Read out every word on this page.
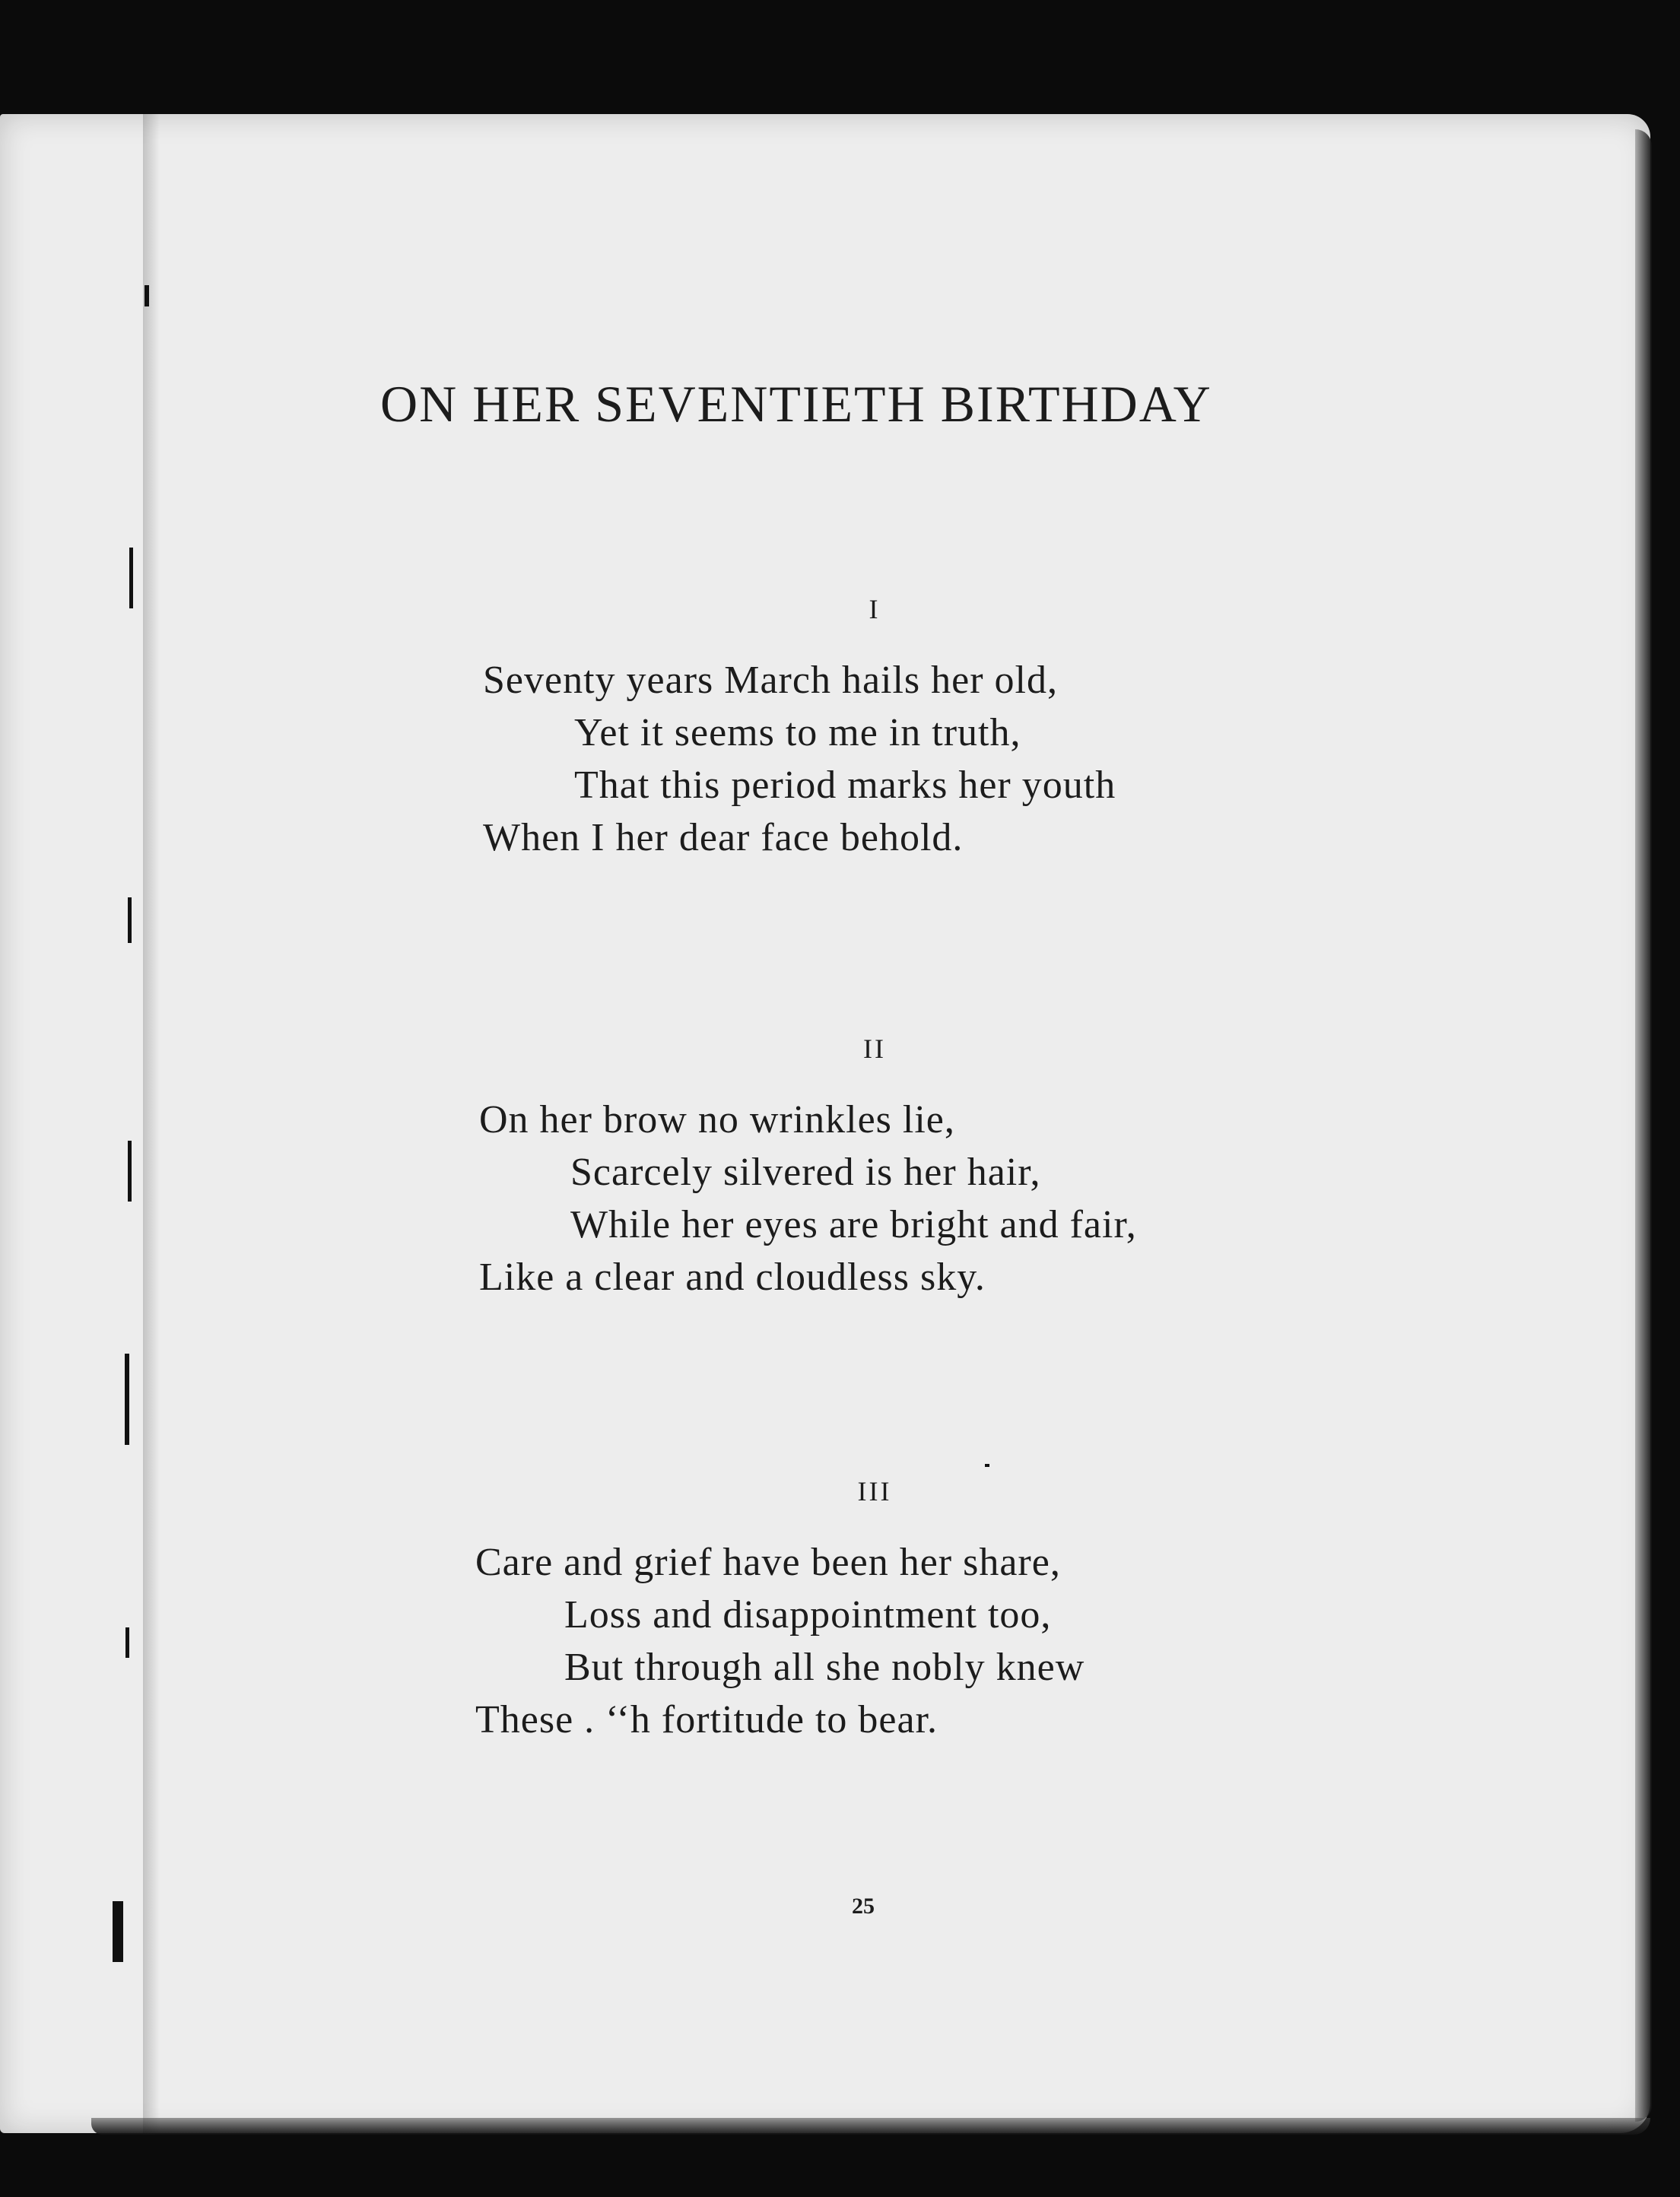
ON HER SEVENTIETH BIRTHDAY
I
Seventy years March hails her old,
Yet it seems to me in truth,
That this period marks her youth
When I her dear face behold.
II
On her brow no wrinkles lie,
Scarcely silvered is her hair,
While her eyes are bright and fair,
Like a clear and cloudless sky.
III
Care and grief have been her share,
Loss and disappointment too,
But through all she nobly knew
These . ‘‘h fortitude to bear.
25
